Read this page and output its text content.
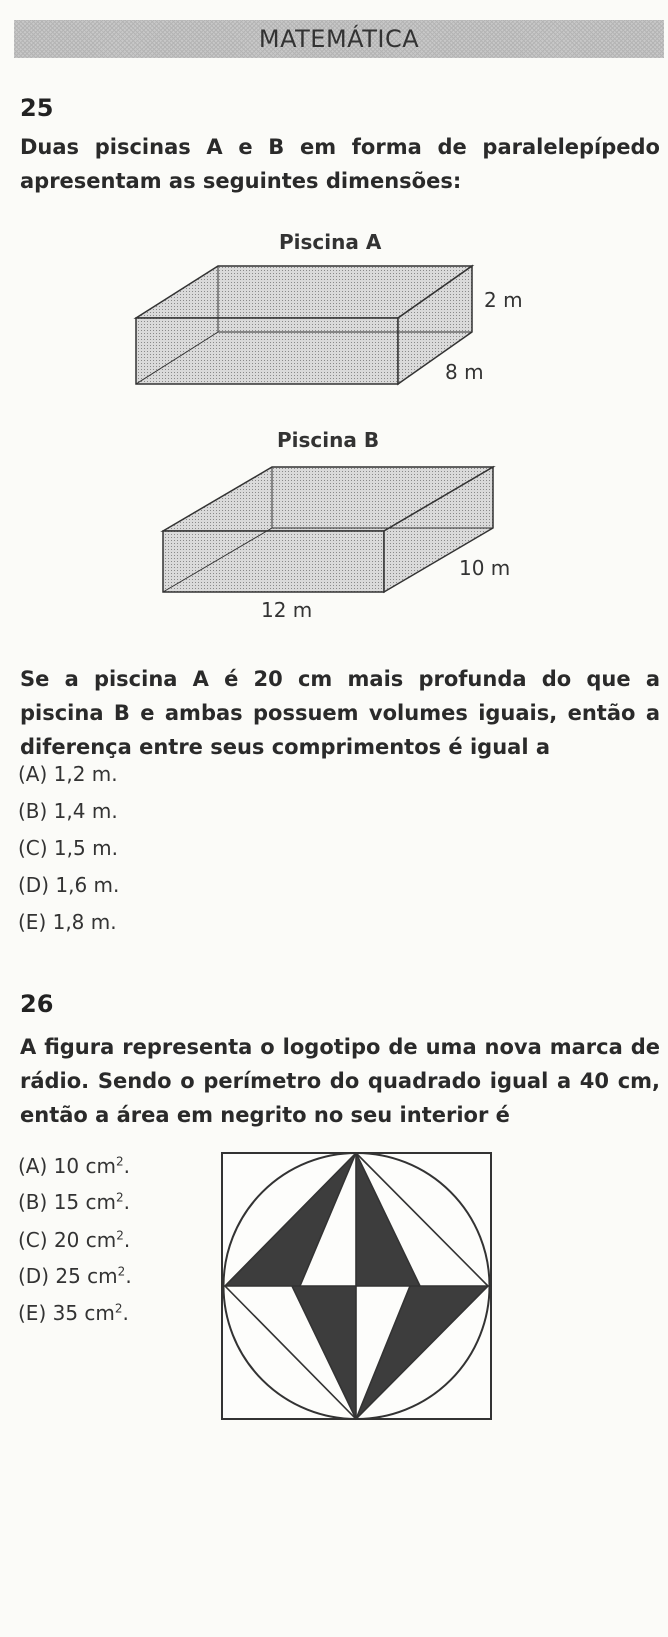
MATEMÁTICA
25
Duas piscinas A e B em forma de paralelepípedo apresentam as seguintes dimensões:
Piscina A
2 m
8 m
Piscina B
10 m
12 m
Se a piscina A é 20 cm mais profunda do que a piscina B e ambas possuem volumes iguais, então a diferença entre seus comprimentos é igual a
(A) 1,2 m.
(B) 1,4 m.
(C) 1,5 m.
(D) 1,6 m.
(E) 1,8 m.
26
A figura representa o logotipo de uma nova marca de rádio. Sendo o perímetro do quadrado igual a 40 cm, então a área em negrito no seu interior é
(A) 10 $cm^2$.
(B) 15 $cm^2$.
(C) 20 $cm^2$.
(D) 25 $cm^2$.
(E) 35 $cm^2$.
